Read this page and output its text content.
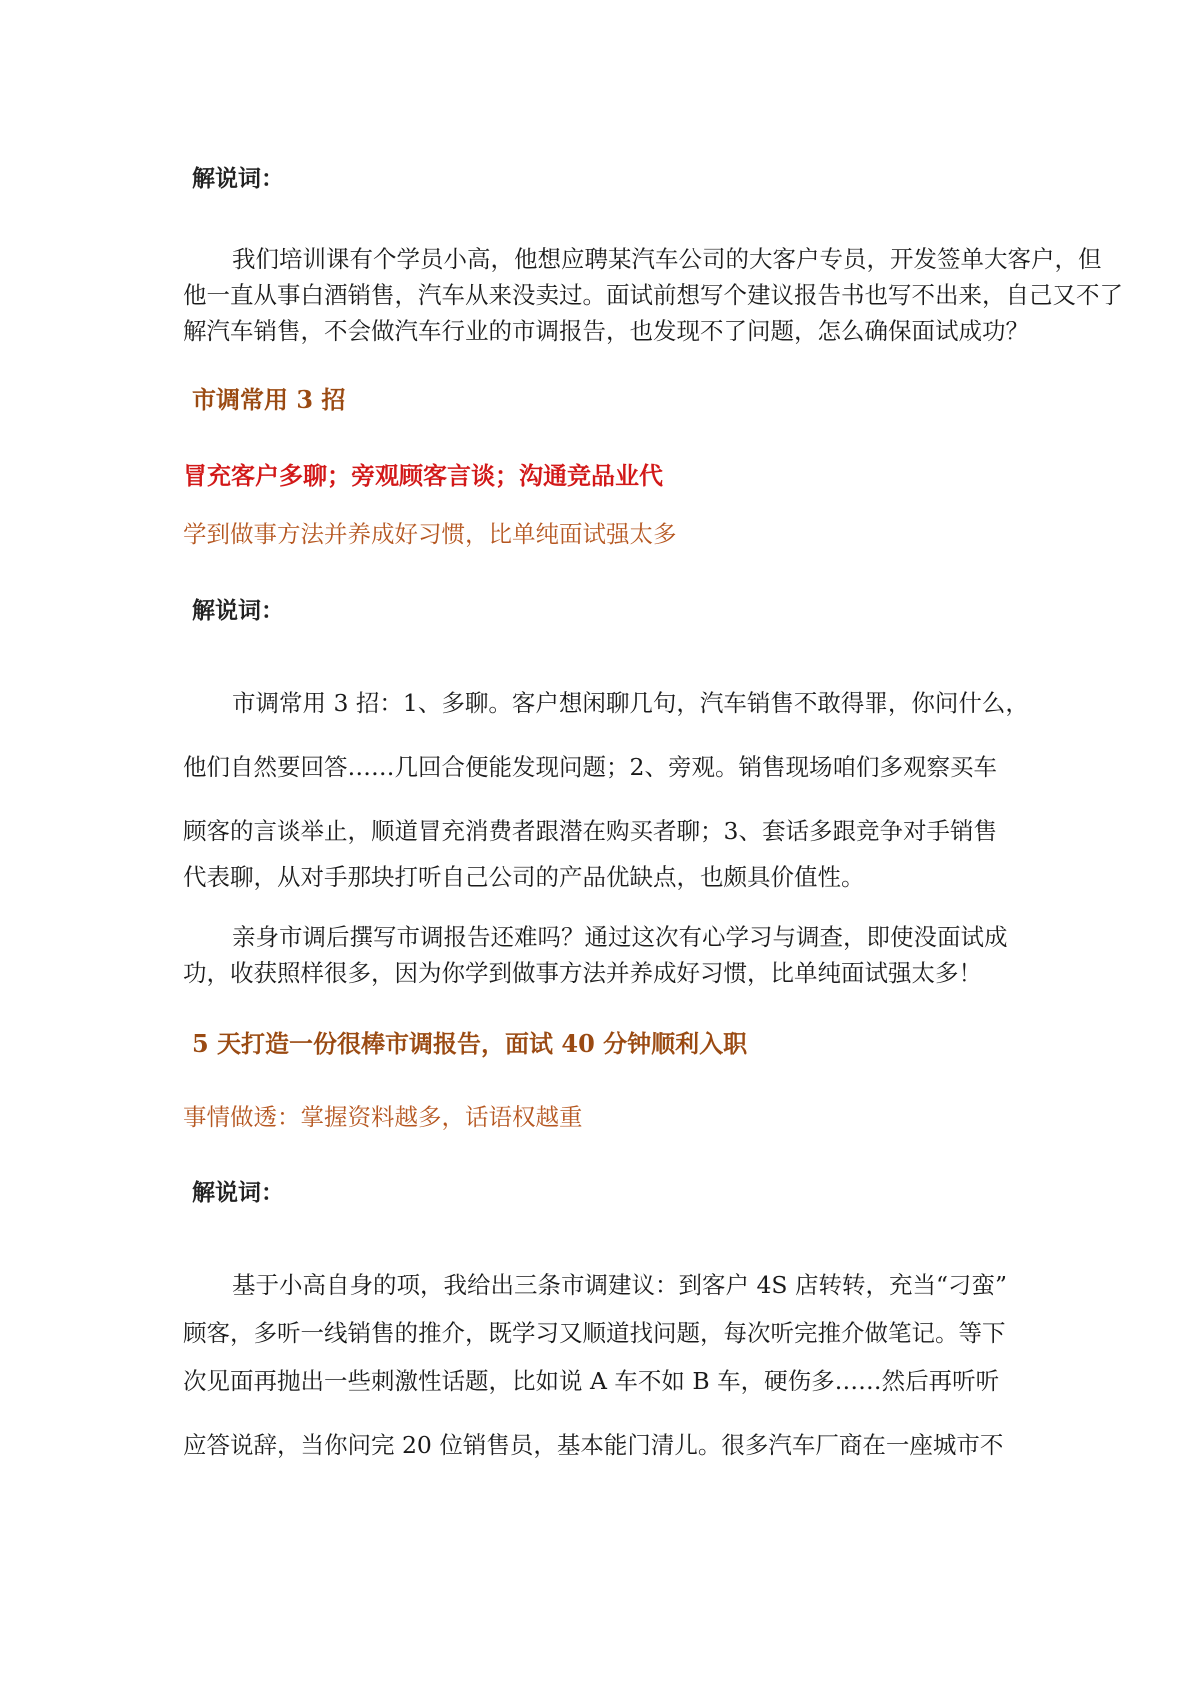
解说词：
我们培训课有个学员小高，他想应聘某汽车公司的大客户专员，开发签单大客户，但
他一直从事白酒销售，汽车从来没卖过。面试前想写个建议报告书也写不出来，自己又不了
解汽车销售，不会做汽车行业的市调报告，也发现不了问题，怎么确保面试成功？
市调常用 3 招
冒充客户多聊；旁观顾客言谈；沟通竞品业代
学到做事方法并养成好习惯，比单纯面试强太多
解说词：
市调常用 3 招：1、多聊。客户想闲聊几句，汽车销售不敢得罪，你问什么，
他们自然要回答……几回合便能发现问题；2、旁观。销售现场咱们多观察买车
顾客的言谈举止，顺道冒充消费者跟潜在购买者聊；3、套话多跟竞争对手销售
代表聊，从对手那块打听自己公司的产品优缺点，也颇具价值性。
亲身市调后撰写市调报告还难吗？通过这次有心学习与调查，即使没面试成
功，收获照样很多，因为你学到做事方法并养成好习惯，比单纯面试强太多！
5 天打造一份很棒市调报告，面试 40 分钟顺利入职
事情做透：掌握资料越多，话语权越重
解说词：
基于小高自身的项，我给出三条市调建议：到客户 4S 店转转，充当“刁蛮”
顾客，多听一线销售的推介，既学习又顺道找问题，每次听完推介做笔记。等下
次见面再抛出一些刺激性话题，比如说 A 车不如 B 车，硬伤多……然后再听听
应答说辞，当你问完 20 位销售员，基本能门清儿。很多汽车厂商在一座城市不
